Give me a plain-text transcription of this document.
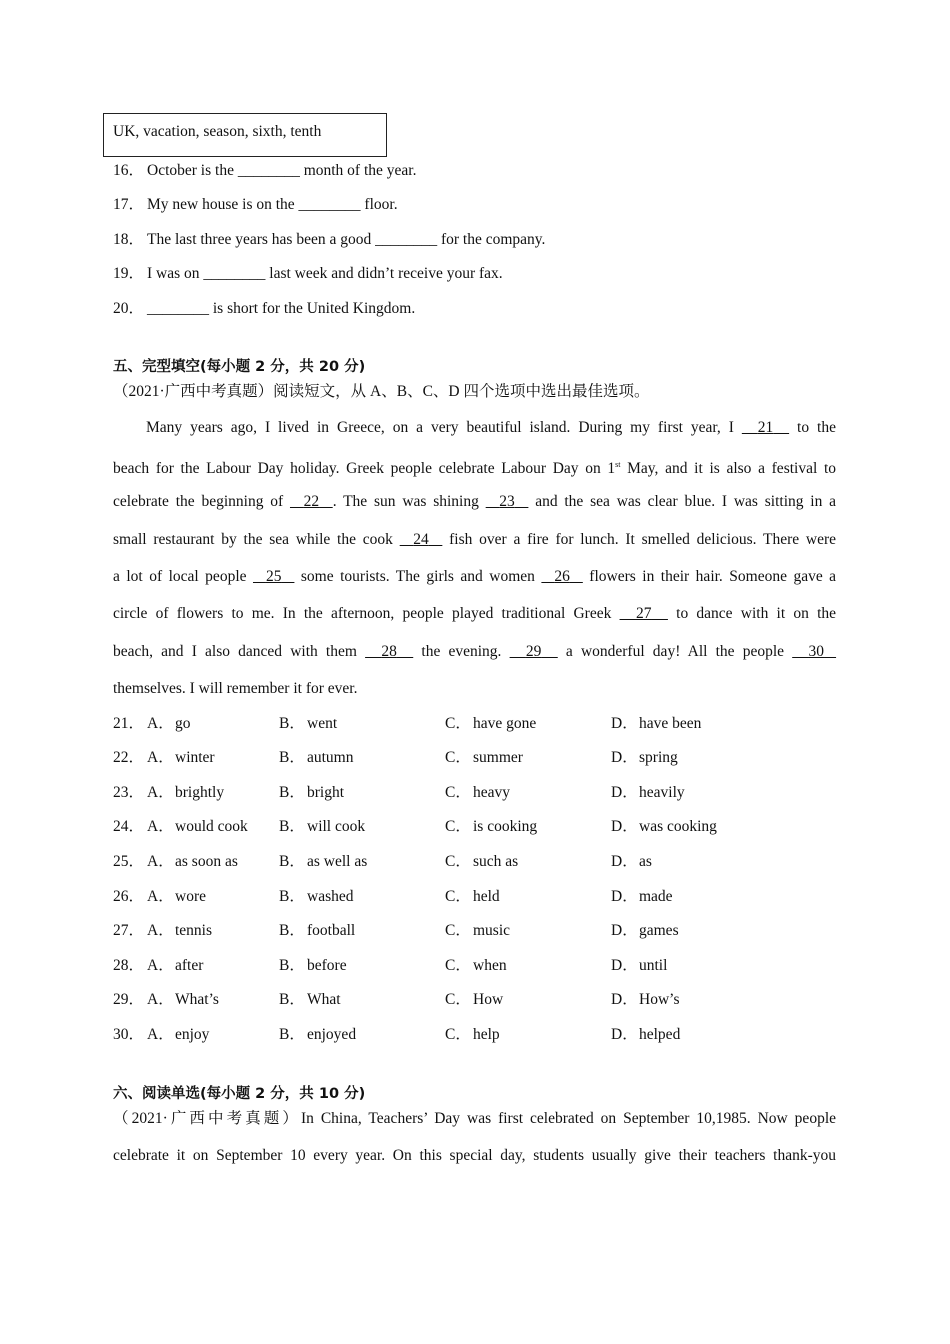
UK, vacation, season, sixth, tenth
16． October is the ________ month of the year.
17． My new house is on the ________ floor.
18． The last three years has been a good ________ for the company.
19． I was on ________ last week and didn’t receive your fax.
20． ________ is short for the United Kingdom.
五、完型填空(每小题 2 分，共 20 分)
（2021·广西中考真题）阅读短文，从 A、B、C、D 四个选项中选出最佳选项。
Many years ago, I lived in Greece, on a very beautiful island. During my first year, I   21   to the
beach for the Labour Day holiday. Greek people celebrate Labour Day on 1st May, and it is also a festival to
celebrate the beginning of   22 . The sun was shining   23   and the sea was clear blue. I was sitting in a
small restaurant by the sea while the cook   24   fish over a fire for lunch. It smelled delicious. There were
a lot of local people   25   some tourists. The girls and women   26   flowers in their hair. Someone gave a
circle of flowers to me. In the afternoon, people played traditional Greek   27   to dance with it on the
beach, and I also danced with them   28   the evening.   29   a wonderful day! All the people   30
themselves. I will remember it for ever.
21． A． go	B． went	C． have gone	D． have been
22． A． winter	B． autumn	C． summer	D． spring
23． A． brightly	B． bright	C． heavy	D． heavily
24． A． would cook B． will cook	C． is cooking	D． was cooking
25． A． as soon as	B． as well as	C． such as	D． as
26． A． wore	B． washed	C． held	D． made
27． A． tennis	B． football	C． music	D． games
28． A． after	B． before	C． when	D． until
29． A． What’s	B． What	C． How	D． How’s
30． A． enjoy	B． enjoyed	C． help	D． helped
六、阅读单选(每小题 2 分，共 10 分)
（2021·广西中考真题）In China, Teachers’ Day was first celebrated on September 10,1985. Now people
celebrate it on September 10 every year. On this special day, students usually give their teachers thank-you
